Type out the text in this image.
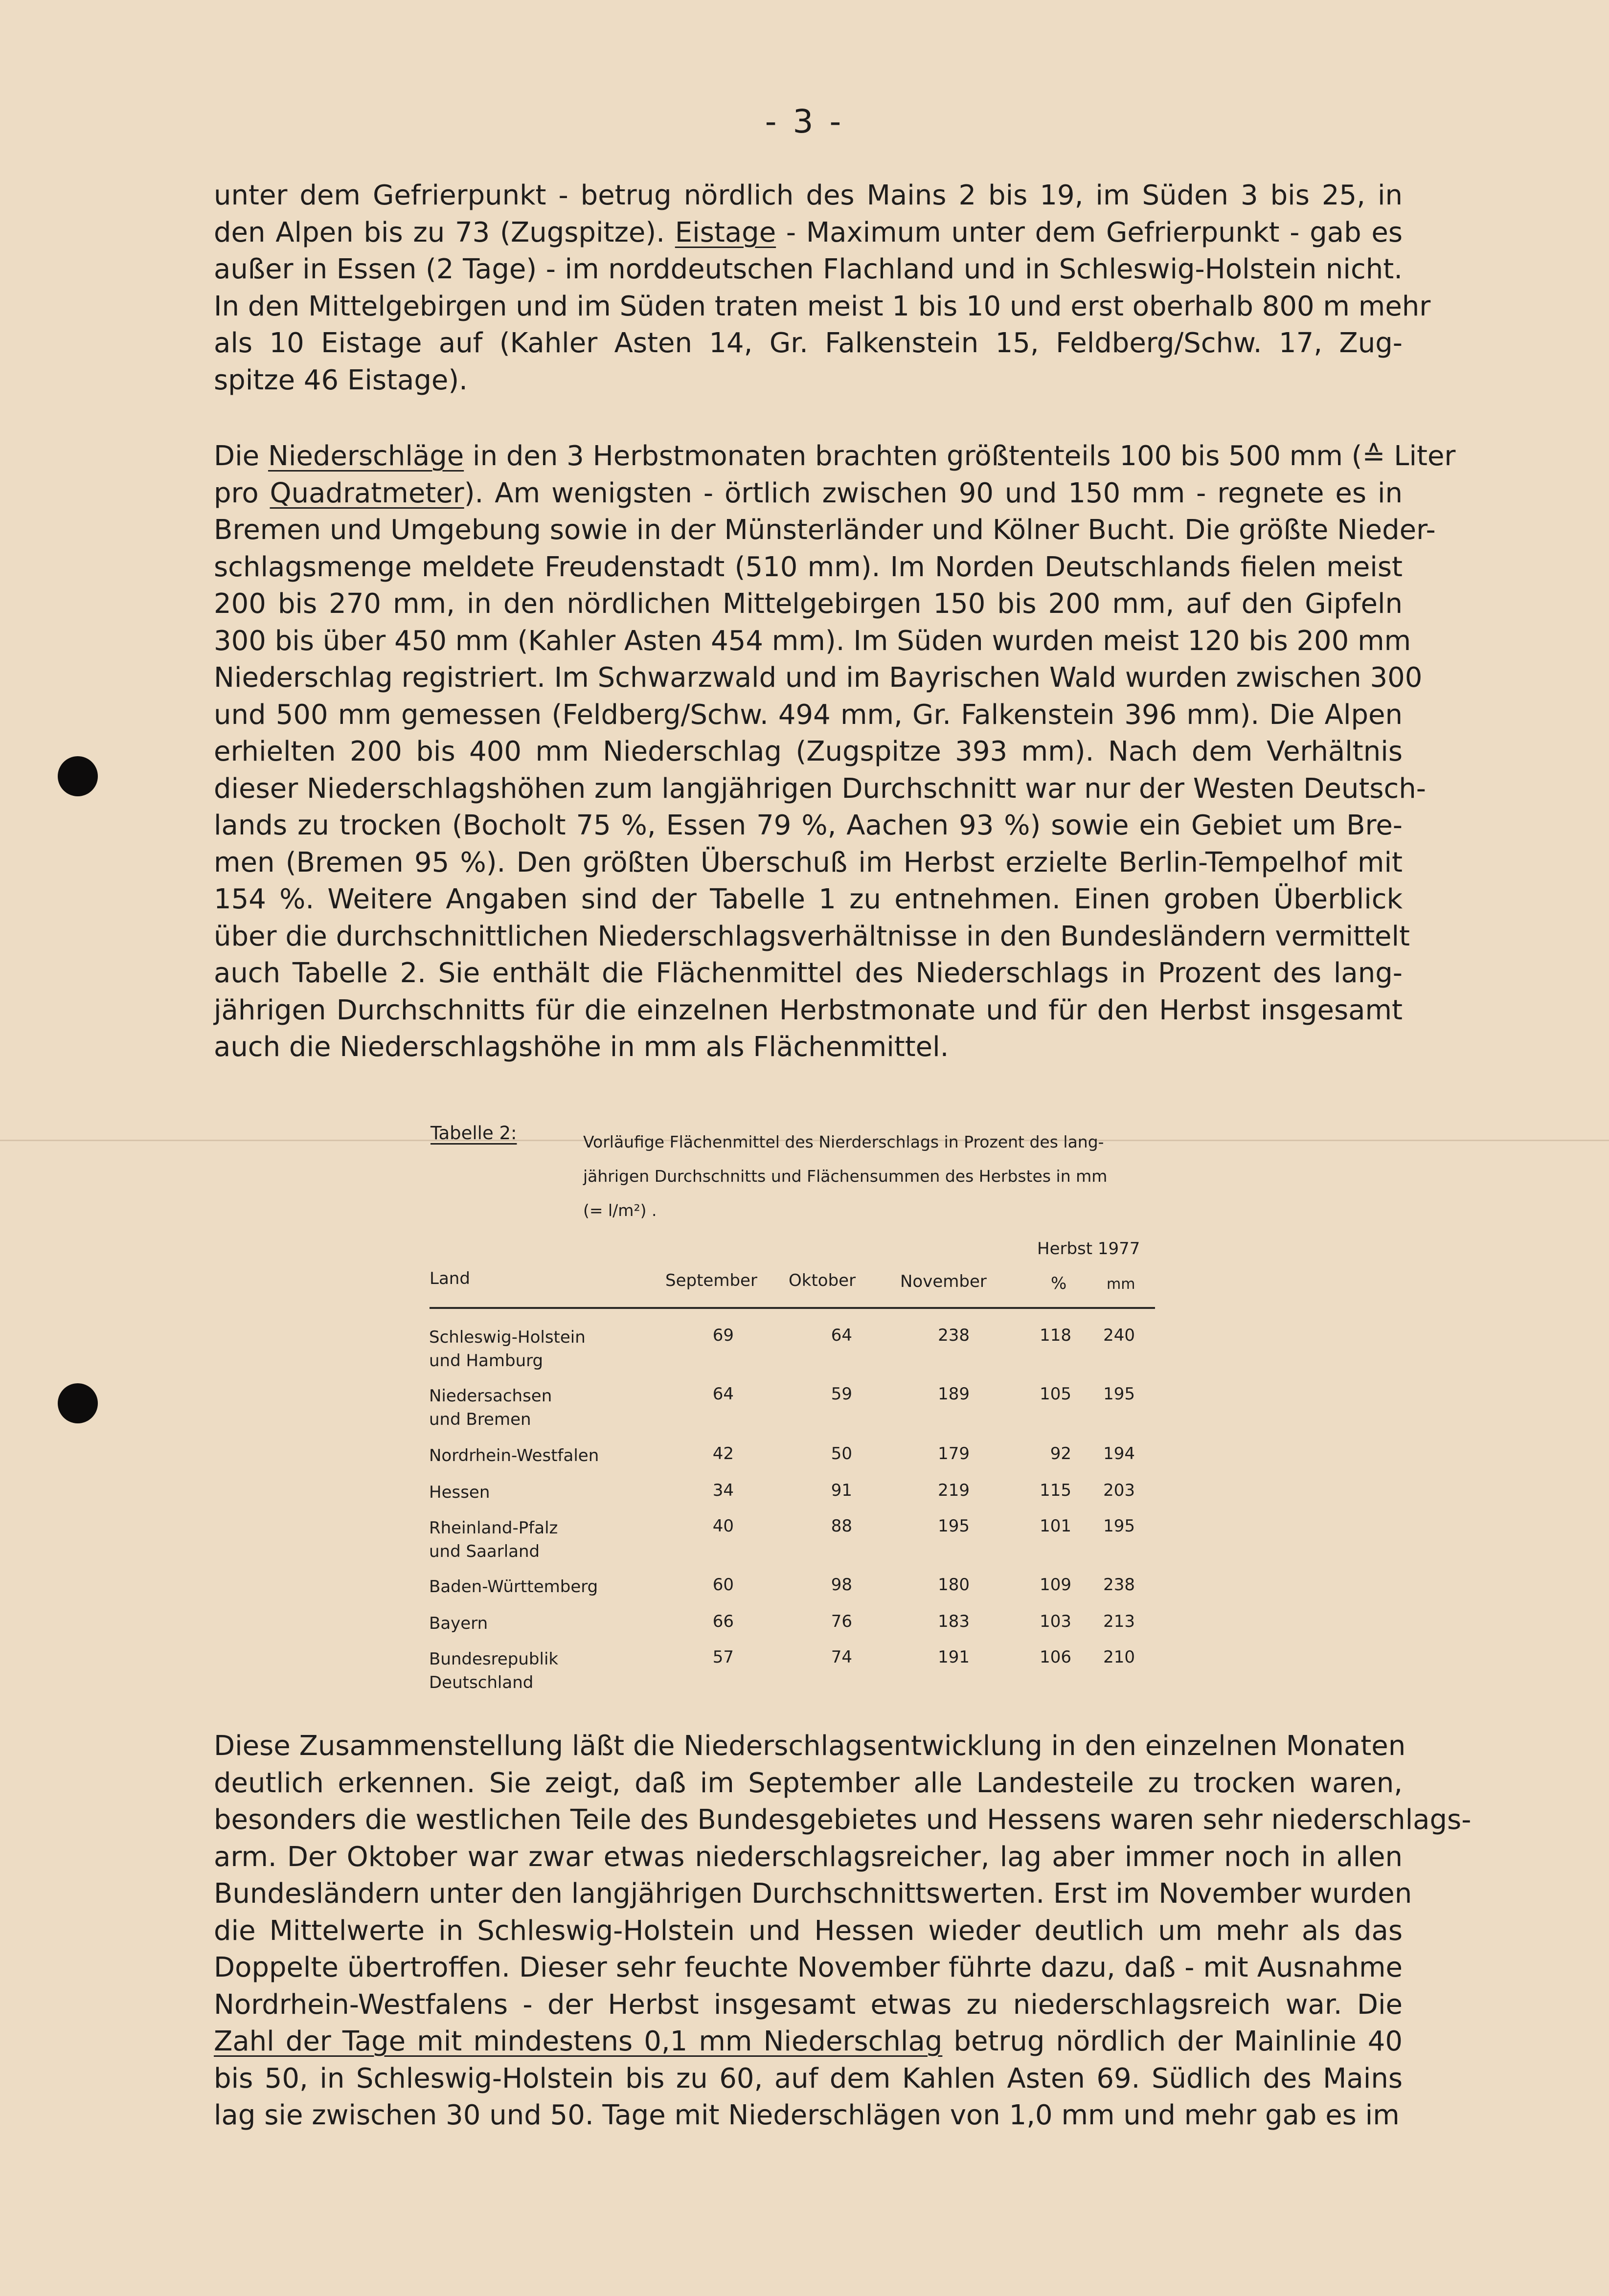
- 3 -
unter dem Gefrierpunkt - betrug nördlich des Mains 2 bis 19, im Süden 3 bis 25, in
den Alpen bis zu 73 (Zugspitze). Eistage - Maximum unter dem Gefrierpunkt - gab es
außer in Essen (2 Tage) - im norddeutschen Flachland und in Schleswig-Holstein nicht.
In den Mittelgebirgen und im Süden traten meist 1 bis 10 und erst oberhalb 800 m mehr
als 10 Eistage auf (Kahler Asten 14, Gr. Falkenstein 15, Feldberg/Schw. 17, Zug-
spitze 46 Eistage).
Die Niederschläge in den 3 Herbstmonaten brachten größtenteils 100 bis 500 mm (≙ Liter
pro Quadratmeter). Am wenigsten - örtlich zwischen 90 und 150 mm - regnete es in
Bremen und Umgebung sowie in der Münsterländer und Kölner Bucht. Die größte Nieder-
schlagsmenge meldete Freudenstadt (510 mm). Im Norden Deutschlands fielen meist
200 bis 270 mm, in den nördlichen Mittelgebirgen 150 bis 200 mm, auf den Gipfeln
300 bis über 450 mm (Kahler Asten 454 mm). Im Süden wurden meist 120 bis 200 mm
Niederschlag registriert. Im Schwarzwald und im Bayrischen Wald wurden zwischen 300
und 500 mm gemessen (Feldberg/Schw. 494 mm, Gr. Falkenstein 396 mm). Die Alpen
erhielten 200 bis 400 mm Niederschlag (Zugspitze 393 mm). Nach dem Verhältnis
dieser Niederschlagshöhen zum langjährigen Durchschnitt war nur der Westen Deutsch-
lands zu trocken (Bocholt 75 %, Essen 79 %, Aachen 93 %) sowie ein Gebiet um Bre-
men (Bremen 95 %). Den größten Überschuß im Herbst erzielte Berlin-Tempelhof mit
154 %. Weitere Angaben sind der Tabelle 1 zu entnehmen. Einen groben Überblick
über die durchschnittlichen Niederschlagsverhältnisse in den Bundesländern vermittelt
auch Tabelle 2. Sie enthält die Flächenmittel des Niederschlags in Prozent des lang-
jährigen Durchschnitts für die einzelnen Herbstmonate und für den Herbst insgesamt
auch die Niederschlagshöhe in mm als Flächenmittel.
Tabelle 2:	Vorläufige Flächenmittel des Nierderschlags in Prozent des lang-
jährigen Durchschnitts und Flächensummen des Herbstes in mm
(= l/m²) .
Herbst 1977
Land	September Oktober	November	%	mm
Schleswig-Holstein
und Hamburg
69	64	238	118	240
Niedersachsen
und Bremen
64	59	189	105	195
Nordrhein-Westfalen	42	50	179	92	194
Hessen	34	91	219	115	203
Rheinland-Pfalz
und Saarland
40	88	195	101	195
Baden-Württemberg	60	98	180	109	238
Bayern	66	76	183	103	213
Bundesrepublik
Deutschland
57	74	191	106	210
Diese Zusammenstellung läßt die Niederschlagsentwicklung in den einzelnen Monaten
deutlich erkennen. Sie zeigt, daß im September alle Landesteile zu trocken waren,
besonders die westlichen Teile des Bundesgebietes und Hessens waren sehr niederschlags-
arm. Der Oktober war zwar etwas niederschlagsreicher, lag aber immer noch in allen
Bundesländern unter den langjährigen Durchschnittswerten. Erst im November wurden
die Mittelwerte in Schleswig-Holstein und Hessen wieder deutlich um mehr als das
Doppelte übertroffen. Dieser sehr feuchte November führte dazu, daß - mit Ausnahme
Nordrhein-Westfalens - der Herbst insgesamt etwas zu niederschlagsreich war. Die
Zahl der Tage mit mindestens 0,1 mm Niederschlag betrug nördlich der Mainlinie 40
bis 50, in Schleswig-Holstein bis zu 60, auf dem Kahlen Asten 69. Südlich des Mains
lag sie zwischen 30 und 50. Tage mit Niederschlägen von 1,0 mm und mehr gab es im
